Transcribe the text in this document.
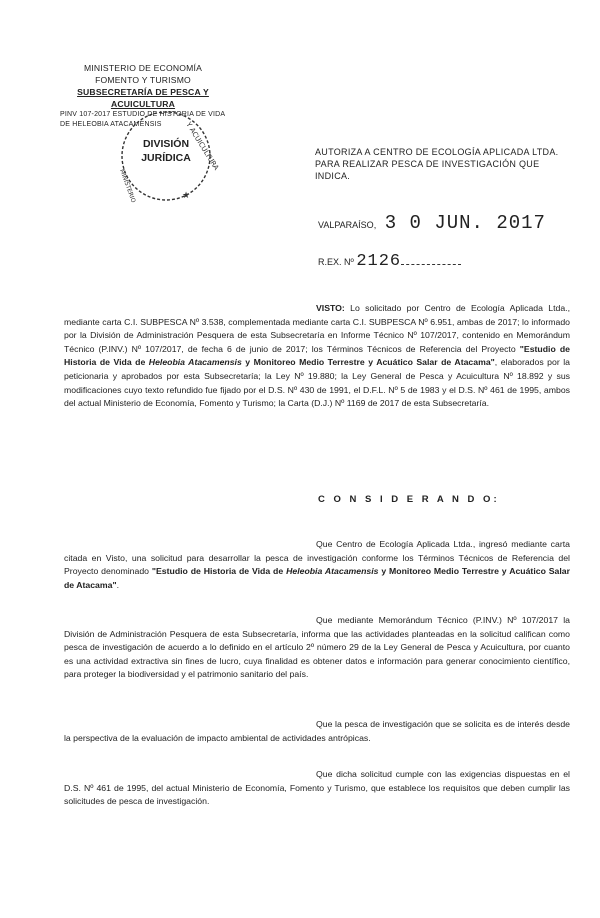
MINISTERIO DE ECONOMÍA
FOMENTO Y TURISMO
SUBSECRETARÍA DE PESCA Y ACUICULTURA
PINV 107-2017 ESTUDIO DE HISTORIA DE VIDA
DE HELEOBIA ATACAMENSIS	Y ACUICULTURA
MINISTERIO	★
DIVISIÓN
JURÍDICA	AUTORIZA A CENTRO DE ECOLOGÍA APLICADA LTDA. PARA REALIZAR PESCA DE INVESTIGACIÓN QUE INDICA.
VALPARAÍSO, 3 0 JUN. 2017
R.EX. Nº 2126

VISTO: Lo solicitado por Centro de Ecología Aplicada Ltda., mediante carta C.I. SUBPESCA Nº 3.538, complementada mediante carta C.I. SUBPESCA Nº 6.951, ambas de 2017; lo informado por la División de Administración Pesquera de esta Subsecretaría en Informe Técnico Nº 107/2017, contenido en Memorándum Técnico (P.INV.) Nº 107/2017, de fecha 6 de junio de 2017; los Términos Técnicos de Referencia del Proyecto "Estudio de Historia de Vida de Heleobia Atacamensis y Monitoreo Medio Terrestre y Acuático Salar de Atacama", elaborados por la peticionaria y aprobados por esta Subsecretaría; la Ley Nº 19.880; la Ley General de Pesca y Acuicultura Nº 18.892 y sus modificaciones cuyo texto refundido fue fijado por el D.S. Nº 430 de 1991, el D.F.L. Nº 5 de 1983 y el D.S. Nº 461 de 1995, ambos del actual Ministerio de Economía, Fomento y Turismo; la Carta (D.J.) Nº 1169 de 2017 de esta Subsecretaría.

C O N S I D E R A N D O:

Que Centro de Ecología Aplicada Ltda., ingresó mediante carta citada en Visto, una solicitud para desarrollar la pesca de investigación conforme los Términos Técnicos de Referencia del Proyecto denominado "Estudio de Historia de Vida de Heleobia Atacamensis y Monitoreo Medio Terrestre y Acuático Salar de Atacama".

Que mediante Memorándum Técnico (P.INV.) Nº 107/2017 la División de Administración Pesquera de esta Subsecretaría, informa que las actividades planteadas en la solicitud califican como pesca de investigación de acuerdo a lo definido en el artículo 2º número 29 de la Ley General de Pesca y Acuicultura, por cuanto es una actividad extractiva sin fines de lucro, cuya finalidad es obtener datos e información para generar conocimiento científico, para proteger la biodiversidad y el patrimonio sanitario del país.

Que la pesca de investigación que se solicita es de interés desde la perspectiva de la evaluación de impacto ambiental de actividades antrópicas.

Que dicha solicitud cumple con las exigencias dispuestas en el D.S. Nº 461 de 1995, del actual Ministerio de Economía, Fomento y Turismo, que establece los requisitos que deben cumplir las solicitudes de pesca de investigación.
